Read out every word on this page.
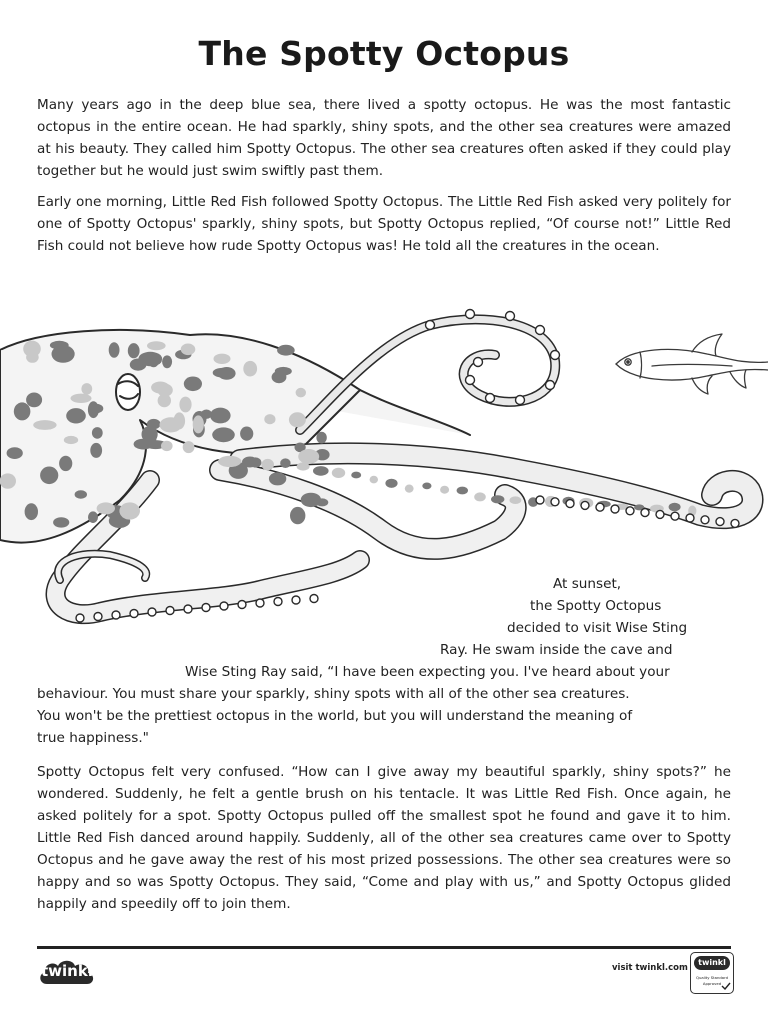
The Spotty Octopus

Many years ago in the deep blue sea, there lived a spotty octopus. He was the most fantastic octopus in the entire ocean. He had sparkly, shiny spots, and the other sea creatures were amazed at his beauty. They called him Spotty Octopus. The other sea creatures often asked if they could play together but he would just swim swiftly past them.

Early one morning, Little Red Fish followed Spotty Octopus. The Little Red Fish asked very politely for one of Spotty Octopus' sparkly, shiny spots, but Spotty Octopus replied, “Of course not!” Little Red Fish could not believe how rude Spotty Octopus was! He told all the creatures in the ocean.

At sunset,
the Spotty Octopus
decided to visit Wise Sting
Ray. He swam inside the cave and
Wise Sting Ray said, “I have been expecting you. I've heard about your
behaviour. You must share your sparkly, shiny spots with all of the other sea creatures.
You won't be the prettiest octopus in the world, but you will understand the meaning of
true happiness."

Spotty Octopus felt very confused. “How can I give away my beautiful sparkly, shiny spots?” he wondered. Suddenly, he felt a gentle brush on his tentacle. It was Little Red Fish. Once again, he asked politely for a spot. Spotty Octopus pulled off the smallest spot he found and gave it to him. Little Red Fish danced around happily. Suddenly, all of the other sea creatures came over to Spotty Octopus and he gave away the rest of his most prized possessions. The other sea creatures were so happy and so was Spotty Octopus. They said, “Come and play with us,” and Spotty Octopus glided happily and speedily off to join them.

twinkl	visit twinkl.com
twinkl
Quality Standard
Approved
